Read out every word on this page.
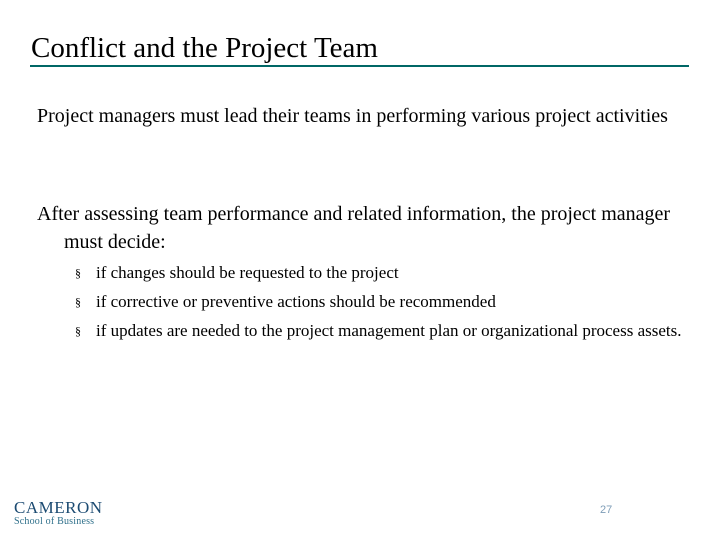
Conflict and the Project Team
Project managers must lead their teams in performing various project activities
After assessing team performance and related information, the project manager must decide:
§ if changes should be requested to the project
§ if corrective or preventive actions should be recommended
§ if updates are needed to the project management plan or organizational process assets.
CAMERON
School of Business
27
